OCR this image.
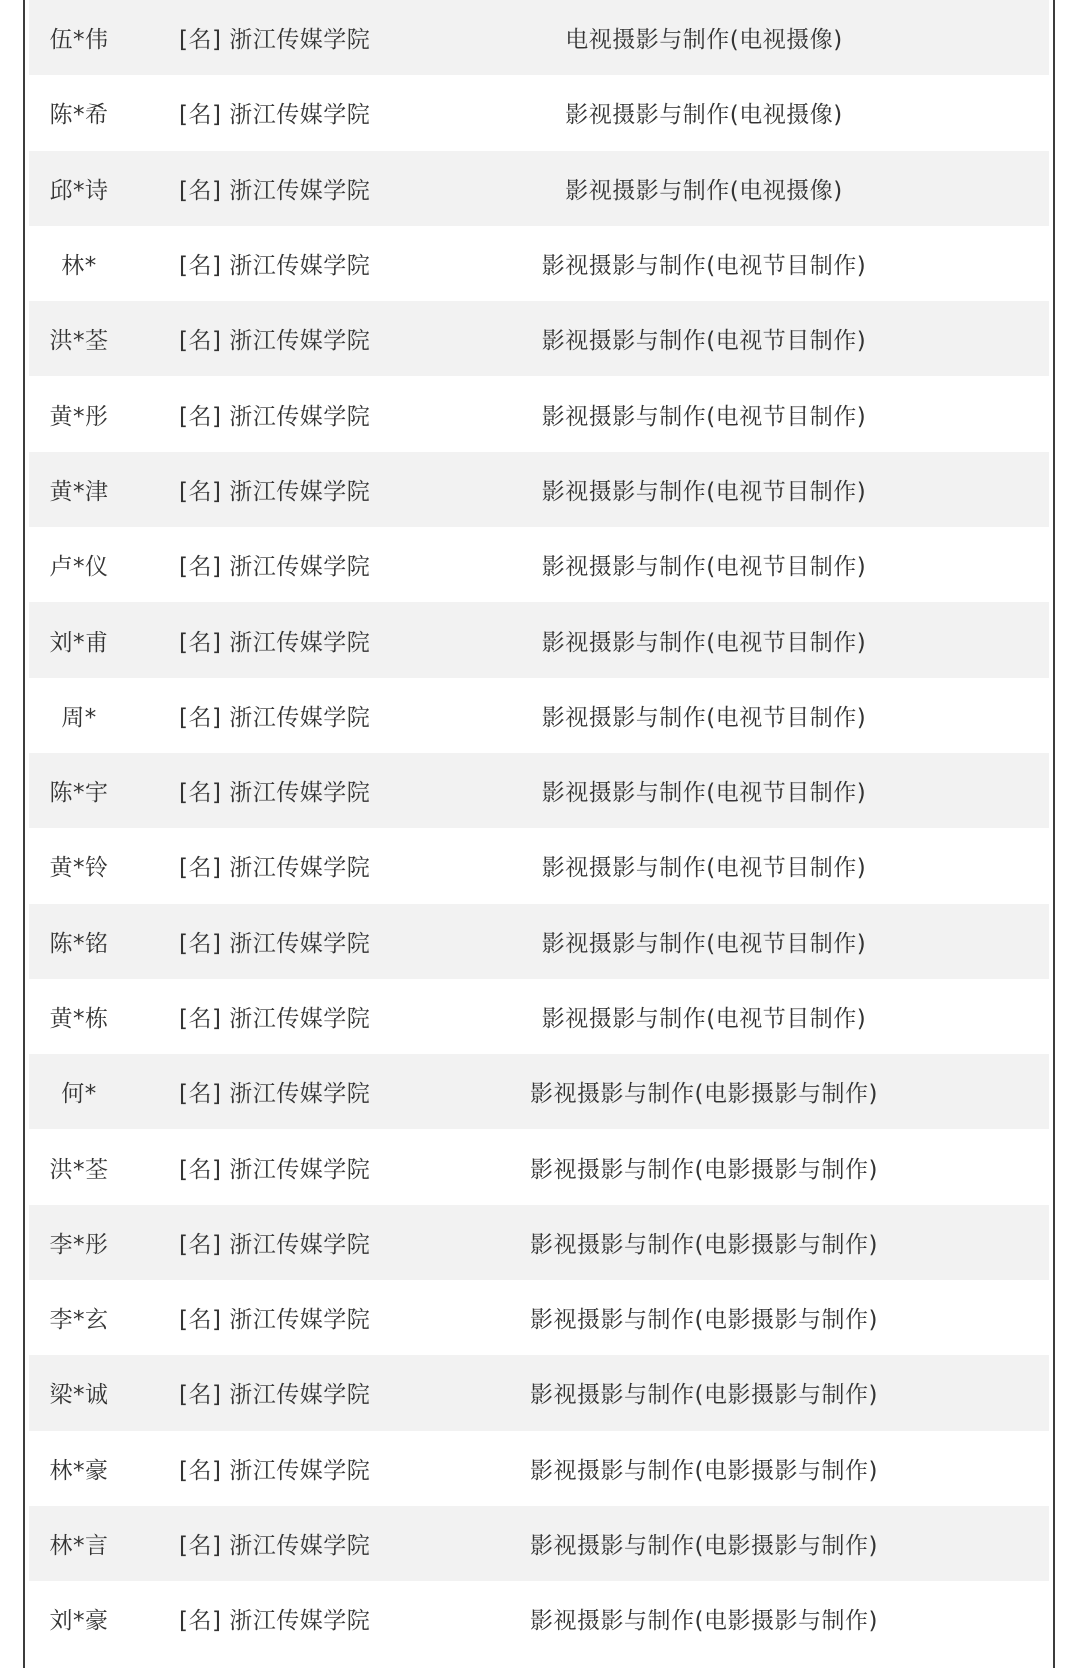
伍*伟	[名] 浙江传媒学院	电视摄影与制作(电视摄像)
陈*希	[名] 浙江传媒学院	影视摄影与制作(电视摄像)
邱*诗	[名] 浙江传媒学院	影视摄影与制作(电视摄像)
林*	[名] 浙江传媒学院	影视摄影与制作(电视节目制作)
洪*荃	[名] 浙江传媒学院	影视摄影与制作(电视节目制作)
黄*彤	[名] 浙江传媒学院	影视摄影与制作(电视节目制作)
黄*津	[名] 浙江传媒学院	影视摄影与制作(电视节目制作)
卢*仪	[名] 浙江传媒学院	影视摄影与制作(电视节目制作)
刘*甫	[名] 浙江传媒学院	影视摄影与制作(电视节目制作)
周*	[名] 浙江传媒学院	影视摄影与制作(电视节目制作)
陈*宇	[名] 浙江传媒学院	影视摄影与制作(电视节目制作)
黄*铃	[名] 浙江传媒学院	影视摄影与制作(电视节目制作)
陈*铭	[名] 浙江传媒学院	影视摄影与制作(电视节目制作)
黄*栋	[名] 浙江传媒学院	影视摄影与制作(电视节目制作)
何*	[名] 浙江传媒学院	影视摄影与制作(电影摄影与制作)
洪*荃	[名] 浙江传媒学院	影视摄影与制作(电影摄影与制作)
李*彤	[名] 浙江传媒学院	影视摄影与制作(电影摄影与制作)
李*玄	[名] 浙江传媒学院	影视摄影与制作(电影摄影与制作)
梁*诚	[名] 浙江传媒学院	影视摄影与制作(电影摄影与制作)
林*豪	[名] 浙江传媒学院	影视摄影与制作(电影摄影与制作)
林*言	[名] 浙江传媒学院	影视摄影与制作(电影摄影与制作)
刘*豪	[名] 浙江传媒学院	影视摄影与制作(电影摄影与制作)
